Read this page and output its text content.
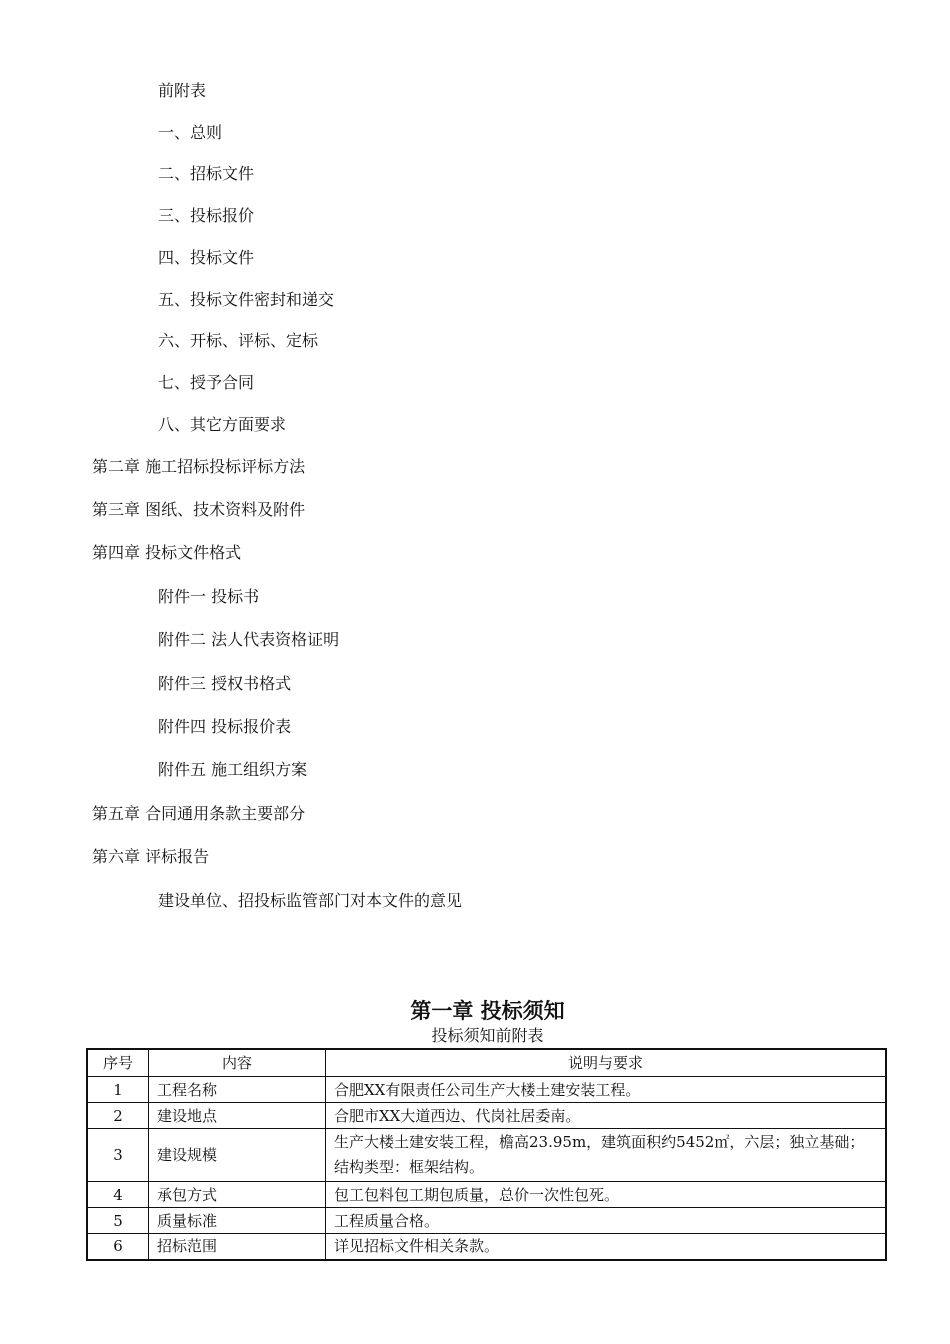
前附表
一、总则
二、招标文件
三、投标报价
四、投标文件
五、投标文件密封和递交
六、开标、评标、定标
七、授予合同
八、其它方面要求
第二章 施工招标投标评标方法
第三章 图纸、技术资料及附件
第四章 投标文件格式
附件一 投标书
附件二 法人代表资格证明
附件三 授权书格式
附件四 投标报价表
附件五 施工组织方案
第五章 合同通用条款主要部分
第六章 评标报告
建设单位、招投标监管部门对本文件的意见
第一章 投标须知
投标须知前附表
序号	内容	说明与要求
1	工程名称	合肥XX有限责任公司生产大楼土建安装工程。
2	建设地点	合肥市XX大道西边、代岗社居委南。
3	建设规模	生产大楼土建安装工程，檐高23.95m，建筑面积约5452㎡，六层；独立基础；结构类型：框架结构。
4	承包方式	包工包料包工期包质量，总价一次性包死。
5	质量标准	工程质量合格。
6	招标范围	详见招标文件相关条款。
